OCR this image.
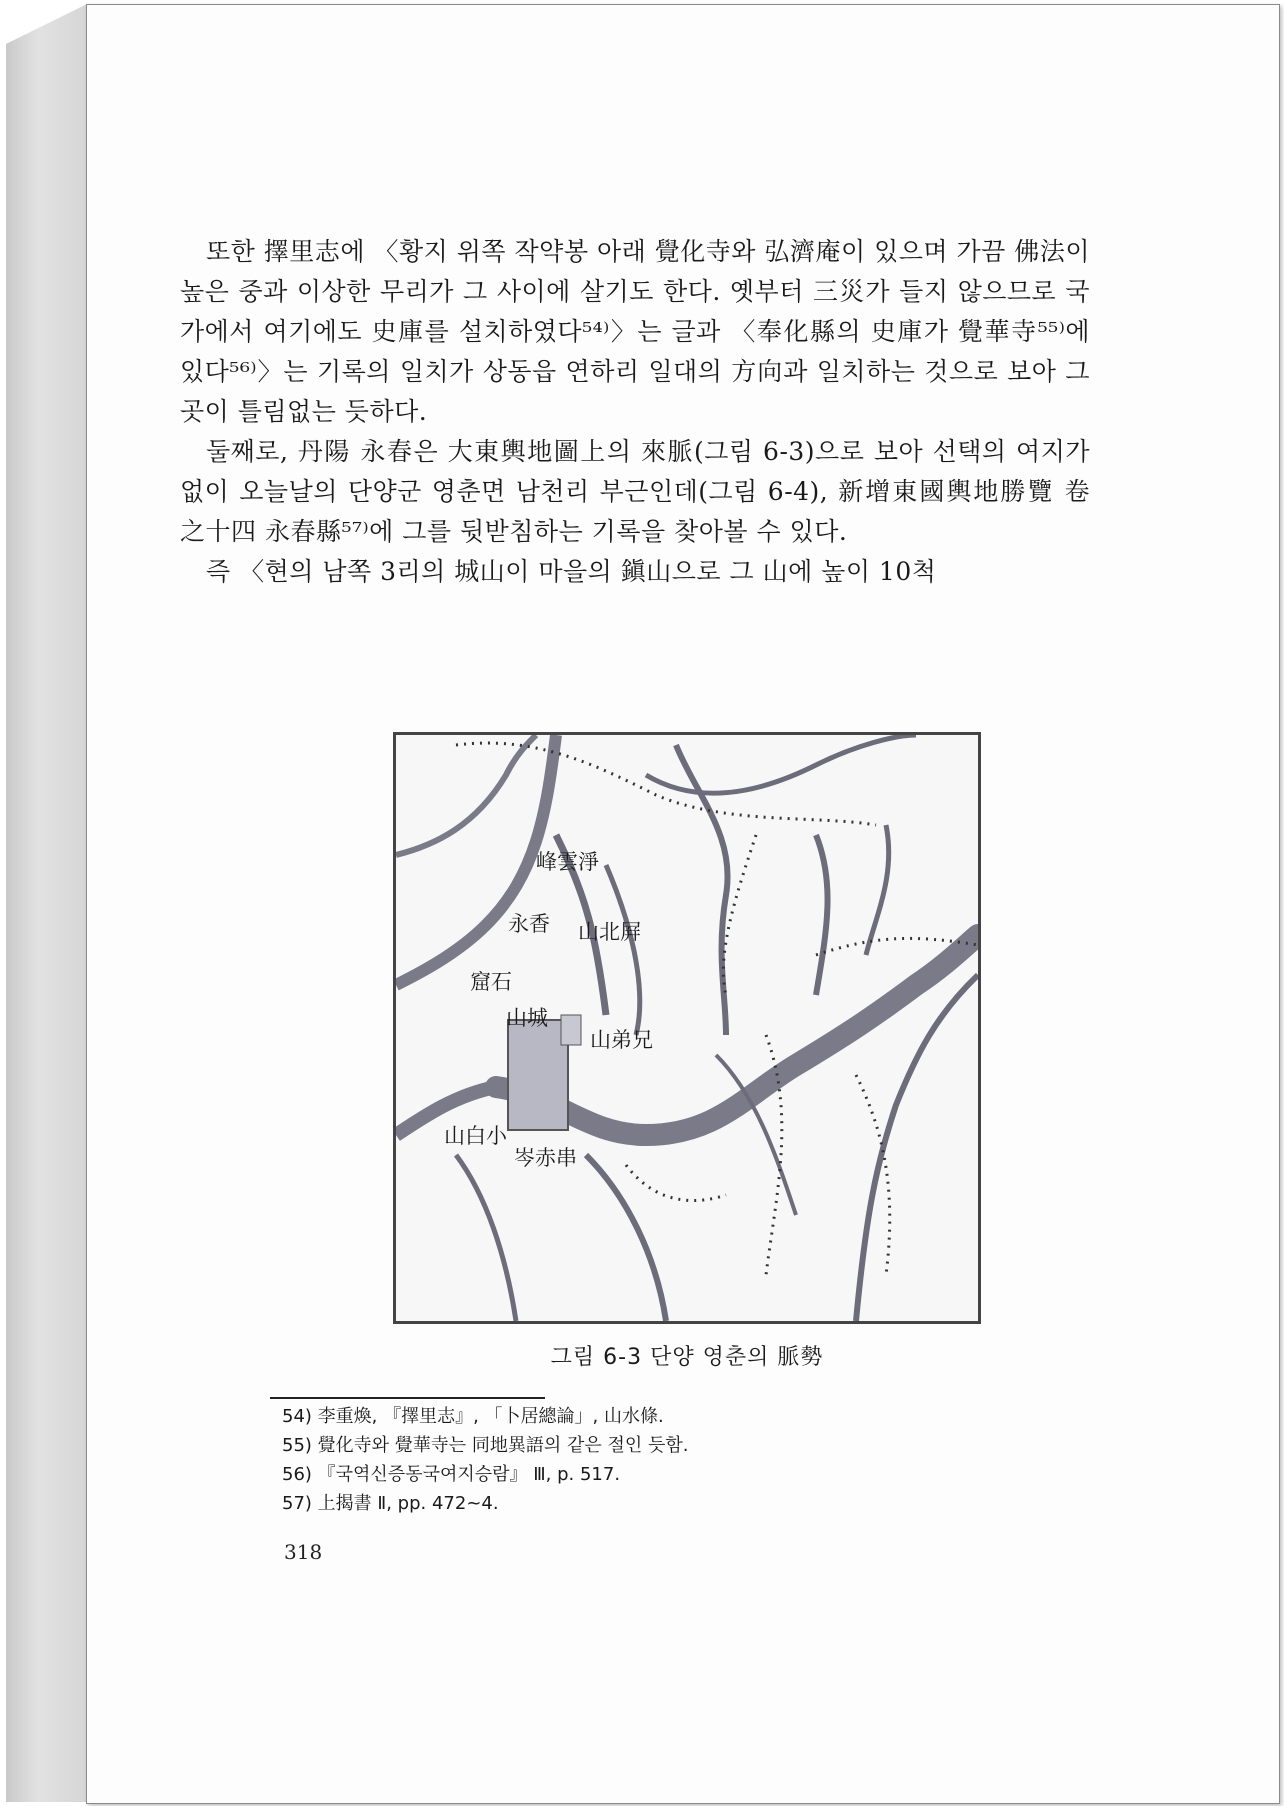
또한 擇里志에 〈황지 위쪽 작약봉 아래 覺化寺와 弘濟庵이 있으며 가끔 佛法이 높은 중과 이상한 무리가 그 사이에 살기도 한다. 옛부터 三災가 들지 않으므로 국가에서 여기에도 史庫를 설치하였다⁵⁴⁾〉는 글과 〈奉化縣의 史庫가 覺華寺⁵⁵⁾에 있다⁵⁶⁾〉는 기록의 일치가 상동읍 연하리 일대의 方向과 일치하는 것으로 보아 그곳이 틀림없는 듯하다.

둘째로, 丹陽 永春은 大東輿地圖上의 來脈(그림 6-3)으로 보아 선택의 여지가 없이 오늘날의 단양군 영춘면 남천리 부근인데(그림 6-4), 新增東國輿地勝覽 卷之十四 永春縣⁵⁷⁾에 그를 뒷받침하는 기록을 찾아볼 수 있다.

즉 〈현의 남쪽 3리의 城山이 마을의 鎭山으로 그 山에 높이 10척

峰雲淨
永香 山北屛
窟石
山城
山弟兄
山白小
岑赤串
그림 6-3 단양 영춘의 脈勢
54) 李重煥, 『擇里志』, 「卜居總論」, 山水條.
55) 覺化寺와 覺華寺는 同地異語의 같은 절인 듯함.
56) 『국역신증동국여지승람』 Ⅲ, p. 517.
57) 上揭書 Ⅱ, pp. 472~4.
318
